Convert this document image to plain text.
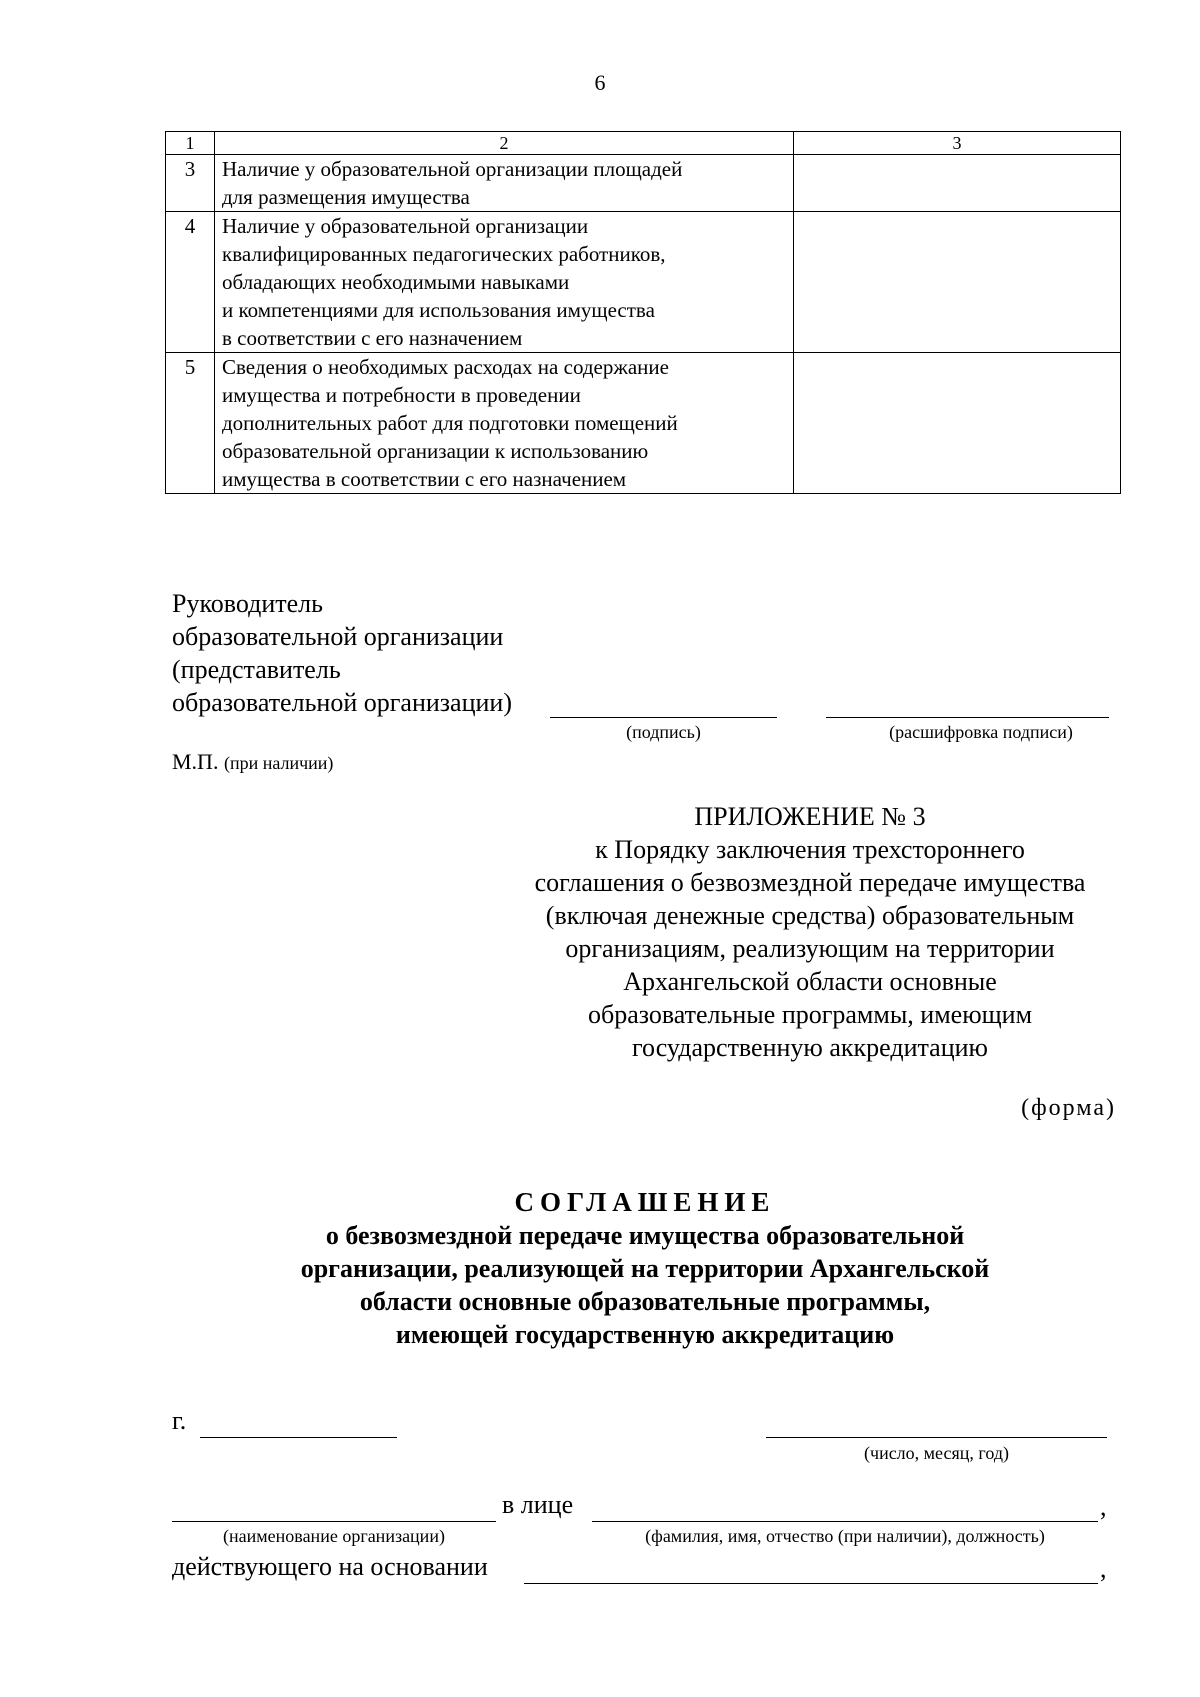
6
1	2	3
3	Наличие у образовательной организации площадей
для размещения имущества	

4	Наличие у образовательной организации
квалифицированных педагогических работников,
обладающих необходимыми навыками
и компетенциями для использования имущества
в соответствии с его назначением	

5	Сведения о необходимых расходах на содержание
имущества и потребности в проведении
дополнительных работ для подготовки помещений
образовательной организации к использованию
имущества в соответствии с его назначением	

Руководитель
образовательной организации
(представитель
образовательной организации)
(подпись)	(расшифровка подписи)
М.П. (при наличии)
ПРИЛОЖЕНИЕ № 3
к Порядку заключения трехстороннего
соглашения о безвозмездной передаче имущества
(включая денежные средства) образовательным
организациям, реализующим на территории
Архангельской области основные
образовательные программы, имеющим
государственную аккредитацию
(форма)
СОГЛАШЕНИЕ
о безвозмездной передаче имущества образовательной
организации, реализующей на территории Архангельской
области основные образовательные программы,
имеющей государственную аккредитацию
г.
(число, месяц, год)
в лице	,
(наименование организации)	(фамилия, имя, отчество (при наличии), должность)
действующего на основании	,
